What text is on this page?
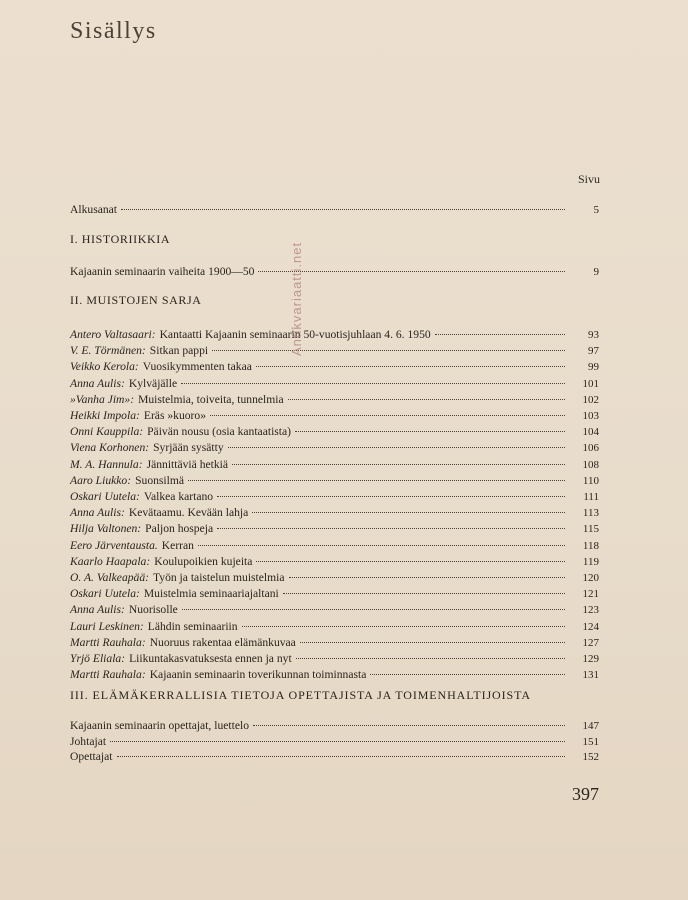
Sisällys
Sivu
Alkusanat	5
I. HISTORIIKKIA
Kajaanin seminaarin vaiheita 1900—50	9
II. MUISTOJEN SARJA
Antero Valtasaari: Kantaatti Kajaanin seminaarin 50-vuotisjuhlaan 4. 6. 1950	93
V. E. Törmänen: Sitkan pappi	97
Veikko Kerola: Vuosikymmenten takaa	99
Anna Aulis: Kylväjälle	101
»Vanha Jim»: Muistelmia, toiveita, tunnelmia	102
Heikki Impola: Eräs »kuoro»	103
Onni Kauppila: Päivän nousu (osia kantaatista)	104
Viena Korhonen: Syrjään sysätty	106
M. A. Hannula: Jännittäviä hetkiä	108
Aaro Liukko: Suonsilmä	110
Oskari Uutela: Valkea kartano	111
Anna Aulis: Kevätaamu. Kevään lahja	113
Hilja Valtonen: Paljon hospeja	115
Eero Järventausta. Kerran	118
Kaarlo Haapala: Koulupoikien kujeita	119
O. A. Valkeapää: Työn ja taistelun muistelmia	120
Oskari Uutela: Muistelmia seminaariajaltani	121
Anna Aulis: Nuorisolle	123
Lauri Leskinen: Lähdin seminaariin	124
Martti Rauhala: Nuoruus rakentaa elämänkuvaa	127
Yrjö Eliala: Liikuntakasvatuksesta ennen ja nyt	129
Martti Rauhala: Kajaanin seminaarin toverikunnan toiminnasta	131
III. ELÄMÄKERRALLISIA TIETOJA OPETTAJISTA JA TOIMENHALTIJOISTA
Kajaanin seminaarin opettajat, luettelo	147
Johtajat	151
Opettajat	152
397
Antikvariaatti.net
